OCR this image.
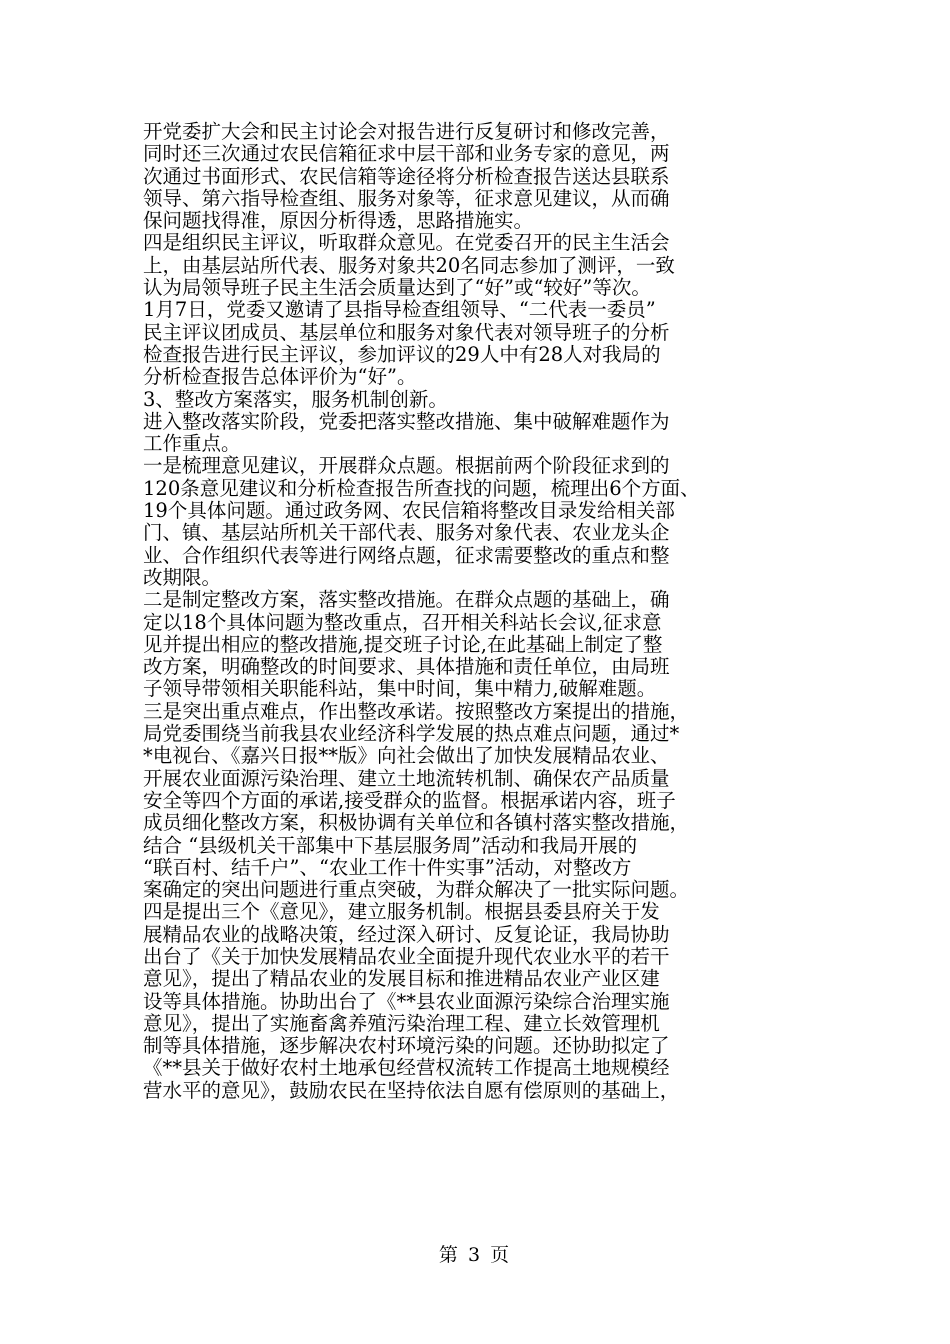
开党委扩大会和民主讨论会对报告进行反复研讨和修改完善，
同时还三次通过农民信箱征求中层干部和业务专家的意见，两
次通过书面形式、农民信箱等途径将分析检查报告送达县联系
领导、第六指导检查组、服务对象等，征求意见建议，从而确
保问题找得准，原因分析得透，思路措施实。
四是组织民主评议，听取群众意见。在党委召开的民主生活会
上，由基层站所代表、服务对象共20名同志参加了测评，一致
认为局领导班子民主生活会质量达到了“好”或“较好”等次。
1月7日，党委又邀请了县指导检查组领导、“二代表一委员”
民主评议团成员、基层单位和服务对象代表对领导班子的分析
检查报告进行民主评议，参加评议的29人中有28人对我局的
分析检查报告总体评价为“好”。
3、整改方案落实，服务机制创新。
进入整改落实阶段，党委把落实整改措施、集中破解难题作为
工作重点。
一是梳理意见建议，开展群众点题。根据前两个阶段征求到的
120条意见建议和分析检查报告所查找的问题，梳理出6个方面、
19个具体问题。通过政务网、农民信箱将整改目录发给相关部
门、镇、基层站所机关干部代表、服务对象代表、农业龙头企
业、合作组织代表等进行网络点题，征求需要整改的重点和整
改期限。
二是制定整改方案，落实整改措施。在群众点题的基础上，确
定以18个具体问题为整改重点，召开相关科站长会议,征求意
见并提出相应的整改措施,提交班子讨论,在此基础上制定了整
改方案，明确整改的时间要求、具体措施和责任单位，由局班
子领导带领相关职能科站，集中时间，集中精力,破解难题。
三是突出重点难点，作出整改承诺。按照整改方案提出的措施，
局党委围绕当前我县农业经济科学发展的热点难点问题，通过*
*电视台、《嘉兴日报**版》向社会做出了加快发展精品农业、
开展农业面源污染治理、建立土地流转机制、确保农产品质量
安全等四个方面的承诺,接受群众的监督。根据承诺内容，班子
成员细化整改方案，积极协调有关单位和各镇村落实整改措施，
结合 “县级机关干部集中下基层服务周”活动和我局开展的
“联百村、结千户”、“农业工作十件实事”活动，对整改方
案确定的突出问题进行重点突破，为群众解决了一批实际问题。
四是提出三个《意见》，建立服务机制。根据县委县府关于发
展精品农业的战略决策，经过深入研讨、反复论证，我局协助
出台了《关于加快发展精品农业全面提升现代农业水平的若干
意见》，提出了精品农业的发展目标和推进精品农业产业区建
设等具体措施。协助出台了《**县农业面源污染综合治理实施
意见》，提出了实施畜禽养殖污染治理工程、建立长效管理机
制等具体措施，逐步解决农村环境污染的问题。还协助拟定了
《**县关于做好农村土地承包经营权流转工作提高土地规模经
营水平的意见》，鼓励农民在坚持依法自愿有偿原则的基础上，
第 3 页
